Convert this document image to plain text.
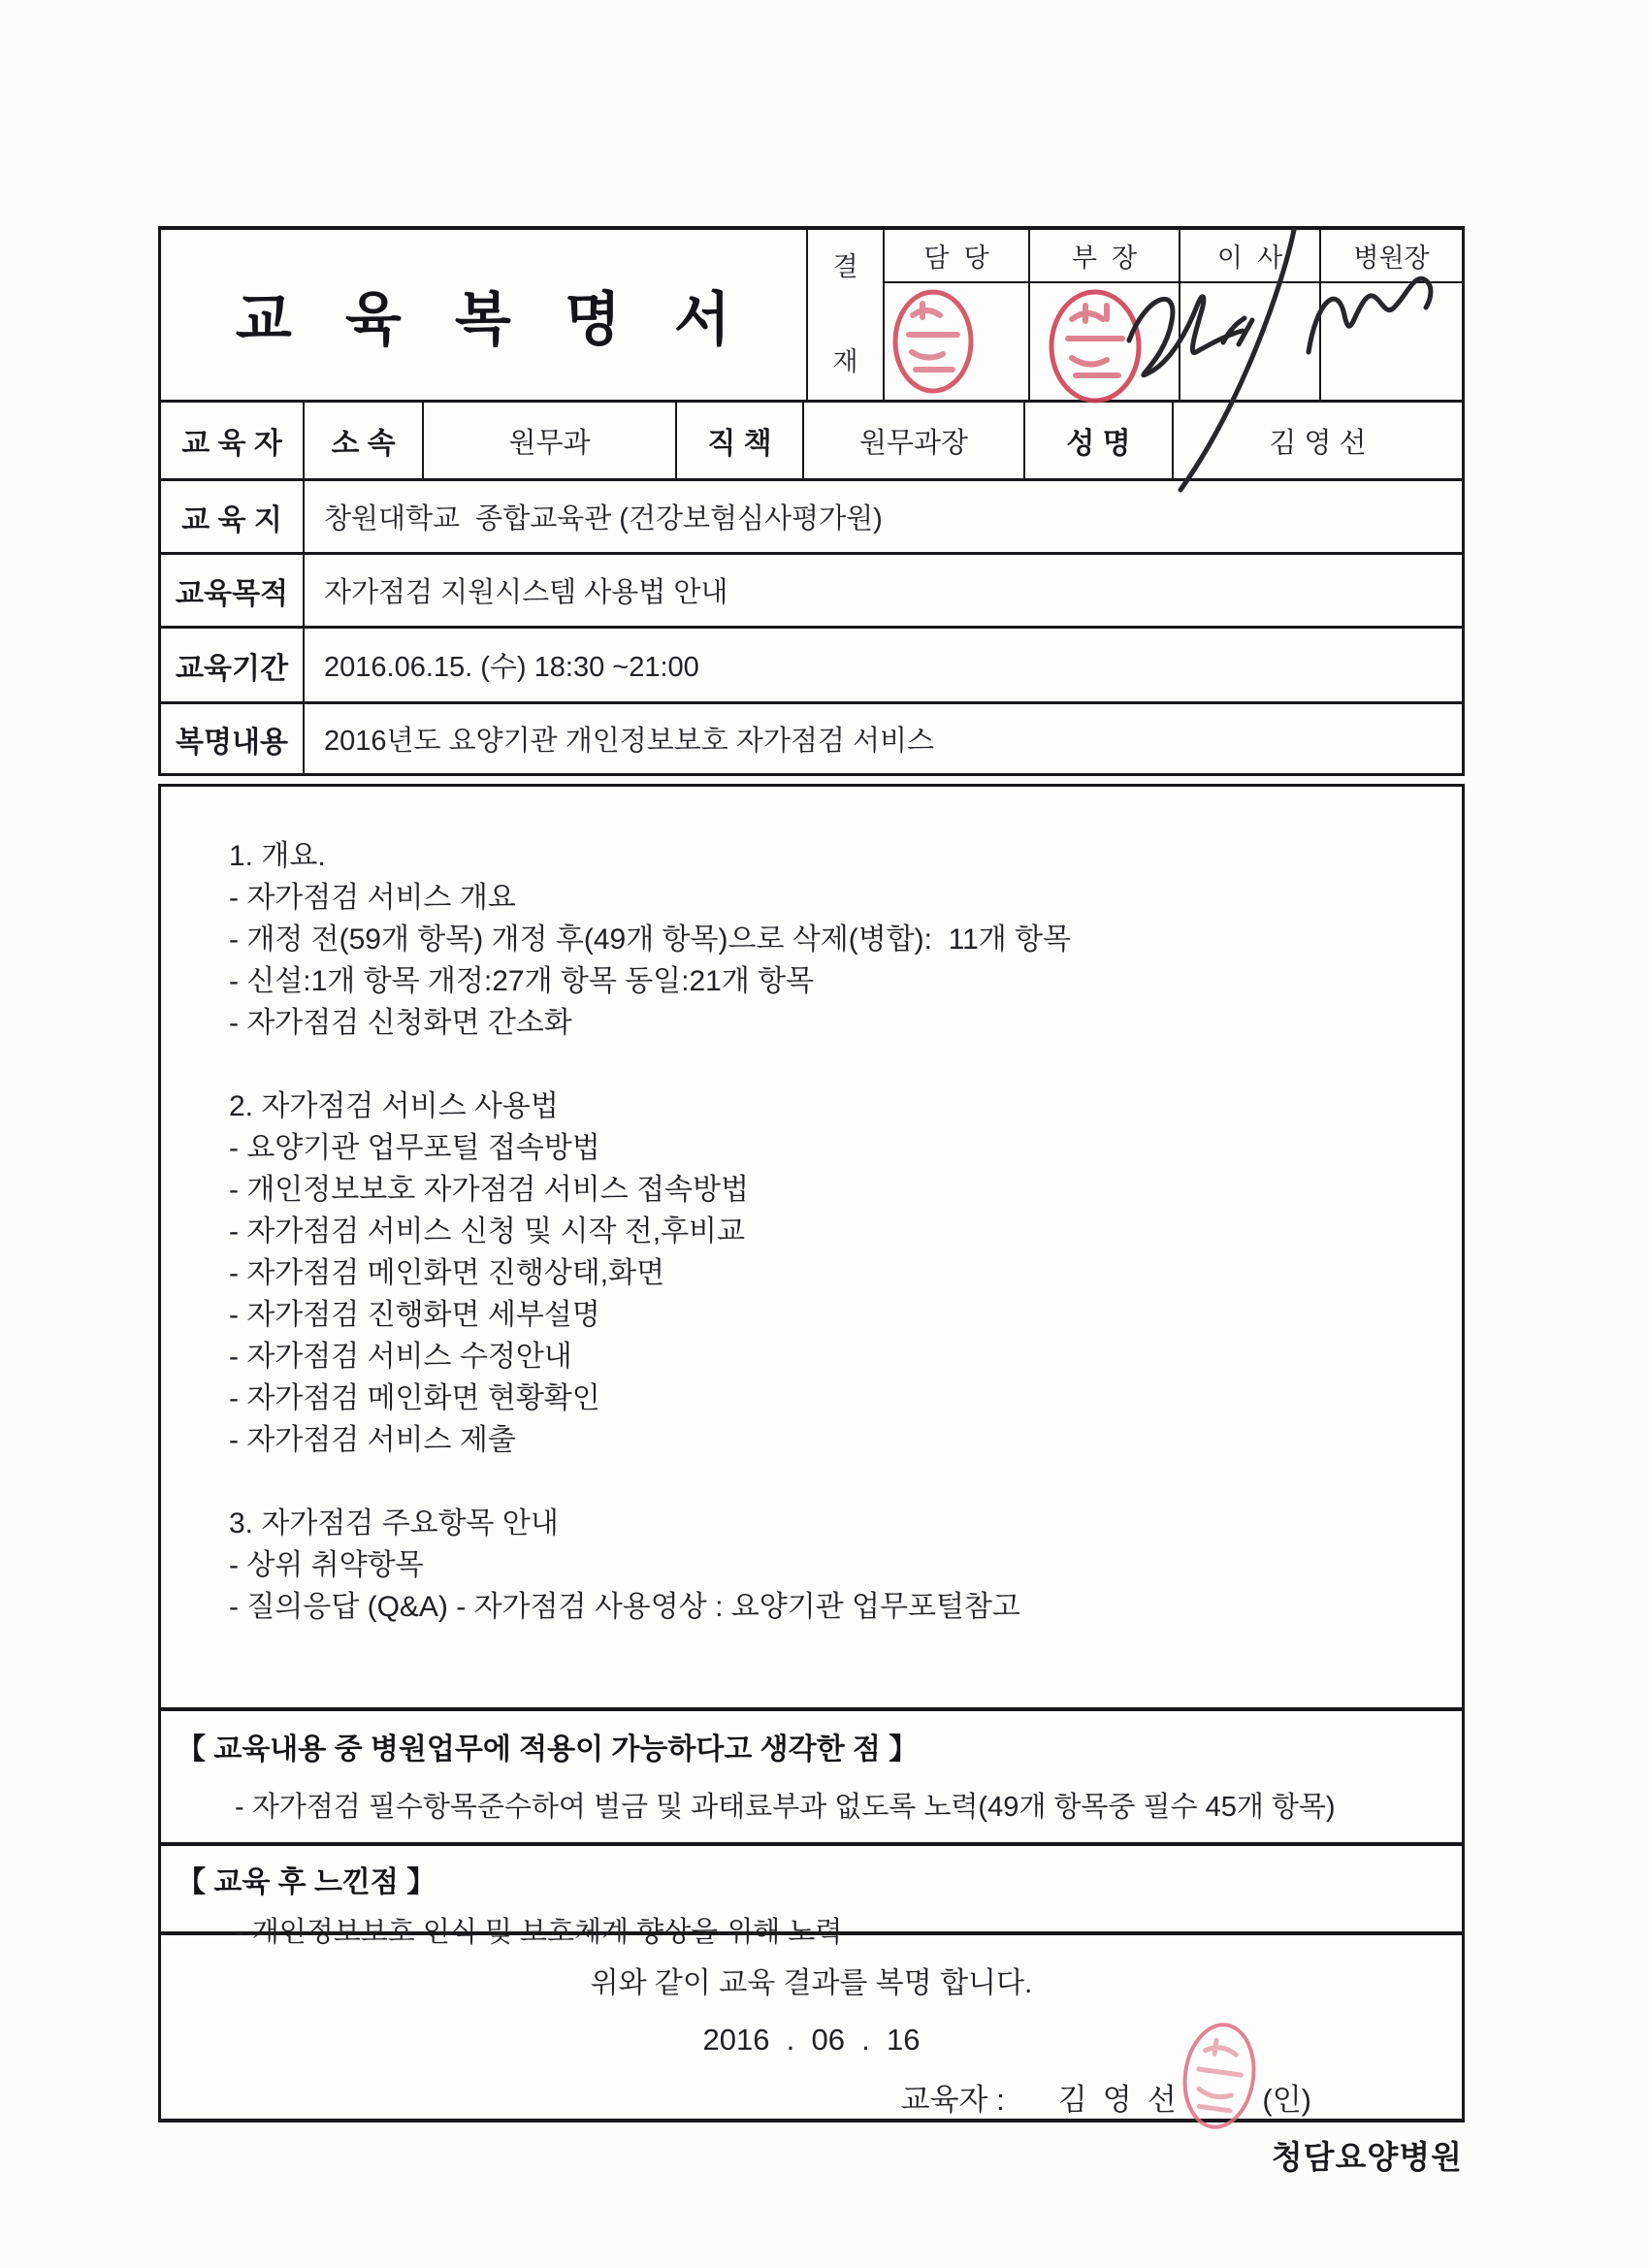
교 육 복 명 서
결
재
담  당	부  장	이  사	병원장
교 육 자	소 속	원무과	직 책	원무과장	성 명	김 영 선
교 육 지	창원대학교  종합교육관 (건강보험심사평가원)
교육목적	자가점검 지원시스템 사용법 안내
교육기간	2016.06.15. (수) 18:30 ~21:00
복명내용	2016년도 요양기관 개인정보보호 자가점검 서비스
1. 개요.
- 자가점검 서비스 개요
- 개정 전(59개 항목) 개정 후(49개 항목)으로 삭제(병합):  11개 항목
- 신설:1개 항목 개정:27개 항목 동일:21개 항목
- 자가점검 신청화면 간소화
2. 자가점검 서비스 사용법
- 요양기관 업무포털 접속방법
- 개인정보보호 자가점검 서비스 접속방법
- 자가점검 서비스 신청 및 시작 전,후비교
- 자가점검 메인화면 진행상태,화면
- 자가점검 진행화면 세부설명
- 자가점검 서비스 수정안내
- 자가점검 메인화면 현황확인
- 자가점검 서비스 제출
3. 자가점검 주요항목 안내
- 상위 취약항목
- 질의응답 (Q&A) - 자가점검 사용영상 : 요양기관 업무포털참고
【 교육내용 중 병원업무에 적용이 가능하다고 생각한 점 】
- 자가점검 필수항목준수하여 벌금 및 과태료부과 없도록 노력(49개 항목중 필수 45개 항목)
【 교육 후 느낀점 】
- 개인정보보호 인식 및 보호체계 향상을 위해 노력
위와 같이 교육 결과를 복명 합니다.
2016  .  06  .  16
교육자 : 김 영 선	(인)
청담요양병원
